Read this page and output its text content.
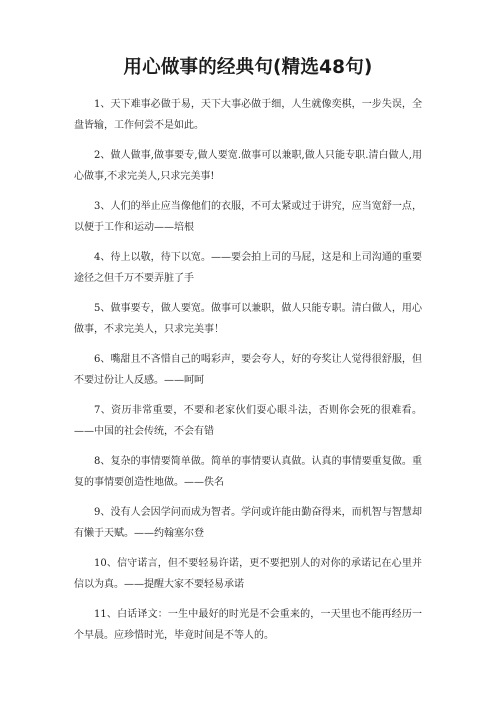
用心做事的经典句(精选48句)

1、天下难事必做于易，天下大事必做于细，人生就像奕棋，一步失误，全盘皆输，工作何尝不是如此。

2、做人做事,做事要专,做人要宽.做事可以兼职,做人只能专职.清白做人,用心做事,不求完美人,只求完美事!

3、人们的举止应当像他们的衣服，不可太紧或过于讲究，应当宽舒一点，以便于工作和运动——培根

4、待上以敬，待下以宽。——要会拍上司的马屁，这是和上司沟通的重要途径之但千万不要弄脏了手

5、做事要专，做人要宽。做事可以兼职，做人只能专职。清白做人，用心做事，不求完美人，只求完美事！

6、嘴甜且不吝惜自己的喝彩声，要会夸人，好的夸奖让人觉得很舒服，但不要过份让人反感。——呵呵

7、资历非常重要，不要和老家伙们耍心眼斗法，否则你会死的很难看。——中国的社会传统，不会有错

8、复杂的事情要简单做。简单的事情要认真做。认真的事情要重复做。重复的事情要创造性地做。——佚名

9、没有人会因学问而成为智者。学问或许能由勤奋得来，而机智与智慧却有懒于天赋。——约翰塞尔登

10、信守诺言，但不要轻易许诺，更不要把别人的对你的承诺记在心里并信以为真。——提醒大家不要轻易承诺

11、白话译文：一生中最好的时光是不会重来的，一天里也不能再经历一个早晨。应珍惜时光，毕竟时间是不等人的。
